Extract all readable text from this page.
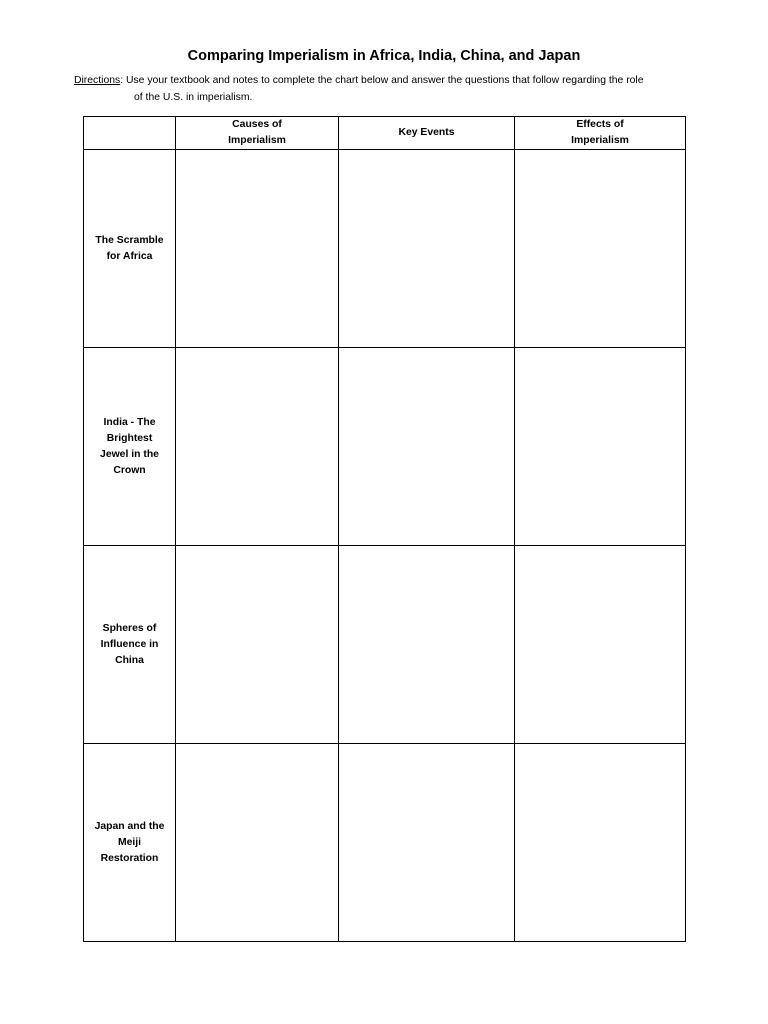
Comparing Imperialism in Africa, India, China, and Japan
Directions: Use your textbook and notes to complete the chart below and answer the questions that follow regarding the role
of the U.S. in imperialism.

	Causes of Imperialism	Key Events	Effects of Imperialism

The Scramble for Africa			

India - The Brightest Jewel in the Crown			

Spheres of Influence in China			

Japan and the Meiji Restoration			
